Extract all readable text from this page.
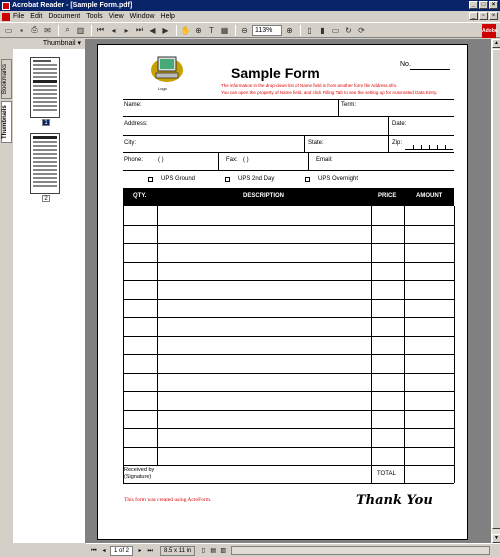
Acrobat Reader - [Sample Form.pdf]	_	□	×
File Edit Document Tools View Window Help	_	▫	×
▭ ▪	⎙ ✉	⌕ ▥ ⏮ ◂	▸ ⏭ ◀ ▶	✋ ⊕ T ▦ ⊖	113%	⊕	▯	▮ ▭ ↻ ⟳	Adobe
Bookmarks
Thumbnails
Thumbnail ▾
1
2
▲
▼
Logo
Sample Form
No.
The information in the drop-down list of Name field is from another form file Address.sfm.
You can open the property of Name field, and click Filling Tab to see the setting up for Automated Data Entry.
Name:	Term:
Address:	Date:
City:	State:	Zip:
Phone: ( )	Fax: ( )	Email:
UPS Ground	UPS 2nd Day	UPS Overnight
QTY.	DESCRIPTION	PRICE	AMOUNT
Received by
(Signature)	TOTAL
This form was created using ActoForm.	Thank You
⏮ ◂	1 of 2	▸ ⏭	8.5 x 11 in	▯ ▤ ▥
